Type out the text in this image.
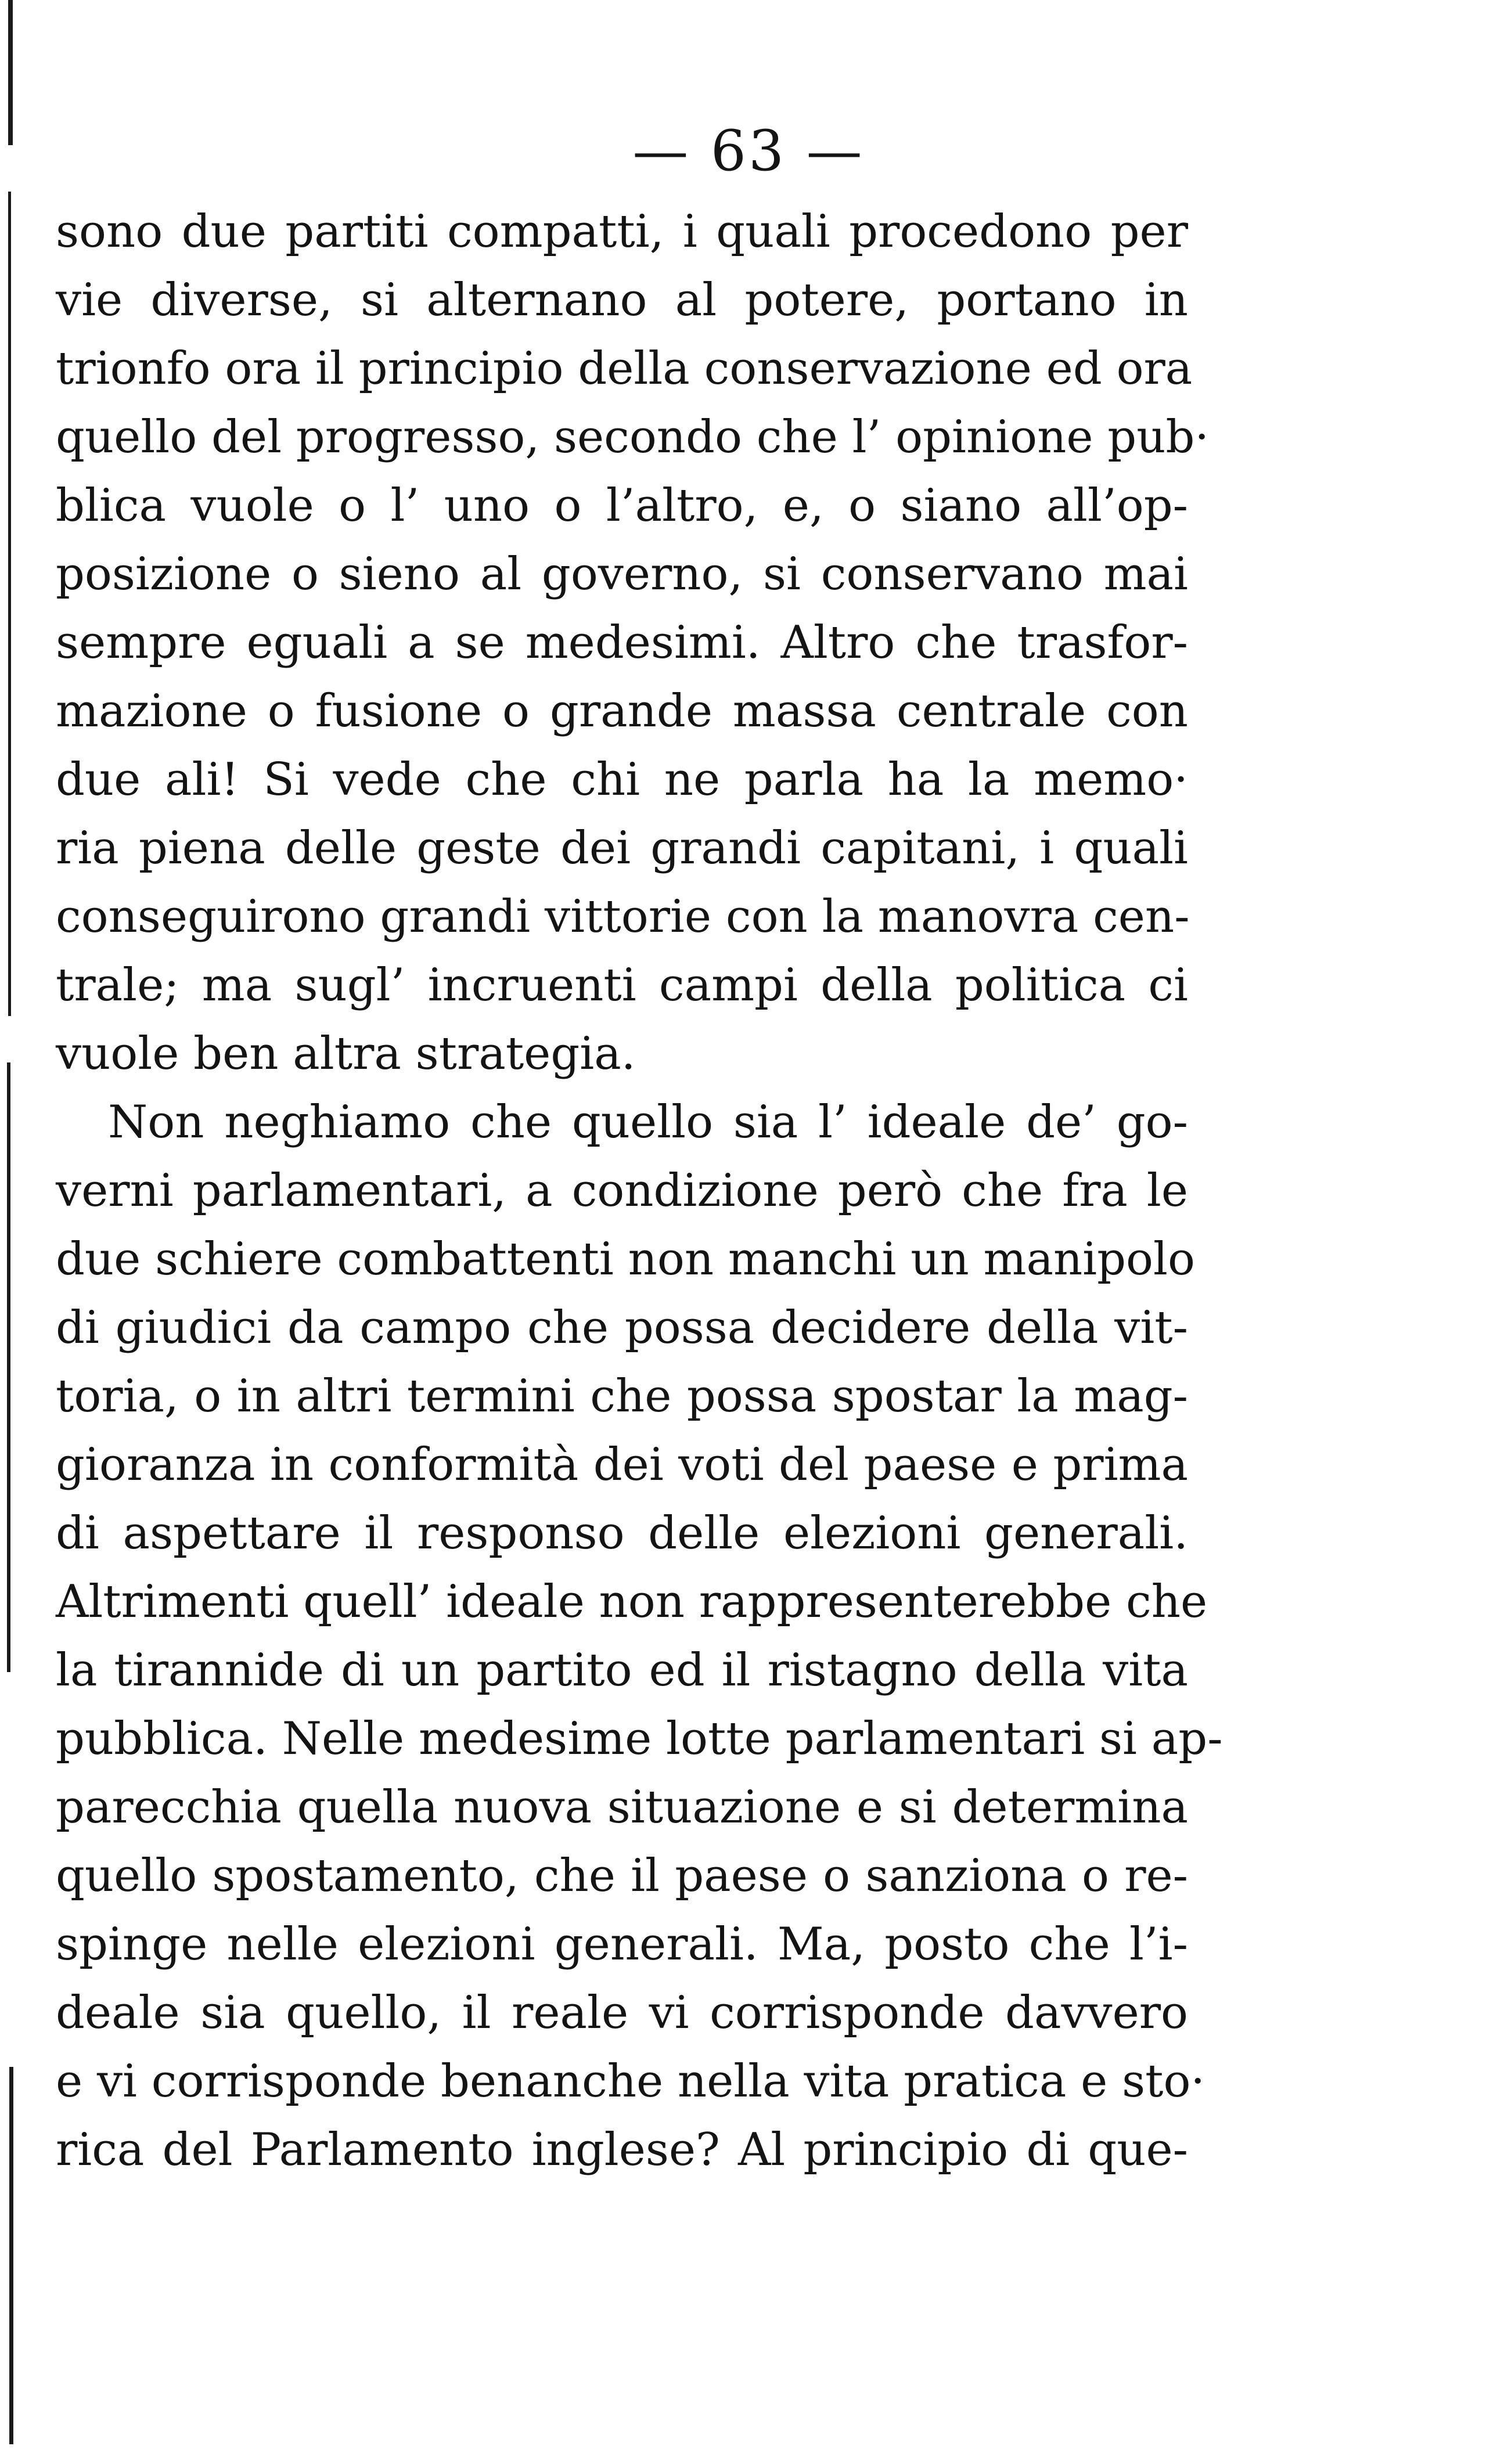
— 63 —
sono due partiti compatti, i quali procedono per
vie diverse, si alternano al potere, portano in
trionfo ora il principio della conservazione ed ora
quello del progresso, secondo che l’ opinione pub·
blica vuole o l’ uno o l’altro, e, o siano all’op-
posizione o sieno al governo, si conservano mai
sempre eguali a se medesimi. Altro che trasfor-
mazione o fusione o grande massa centrale con
due ali! Si vede che chi ne parla ha la memo·
ria piena delle geste dei grandi capitani, i quali
conseguirono grandi vittorie con la manovra cen-
trale; ma sugl’ incruenti campi della politica ci
vuole ben altra strategia.
Non neghiamo che quello sia l’ ideale de’ go-
verni parlamentari, a condizione però che fra le
due schiere combattenti non manchi un manipolo
di giudici da campo che possa decidere della vit-
toria, o in altri termini che possa spostar la mag-
gioranza in conformità dei voti del paese e prima
di aspettare il responso delle elezioni generali.
Altrimenti quell’ ideale non rappresenterebbe che
la tirannide di un partito ed il ristagno della vita
pubblica. Nelle medesime lotte parlamentari si ap-
parecchia quella nuova situazione e si determina
quello spostamento, che il paese o sanziona o re-
spinge nelle elezioni generali. Ma, posto che l’i-
deale sia quello, il reale vi corrisponde davvero
e vi corrisponde benanche nella vita pratica e sto·
rica del Parlamento inglese? Al principio di que-
